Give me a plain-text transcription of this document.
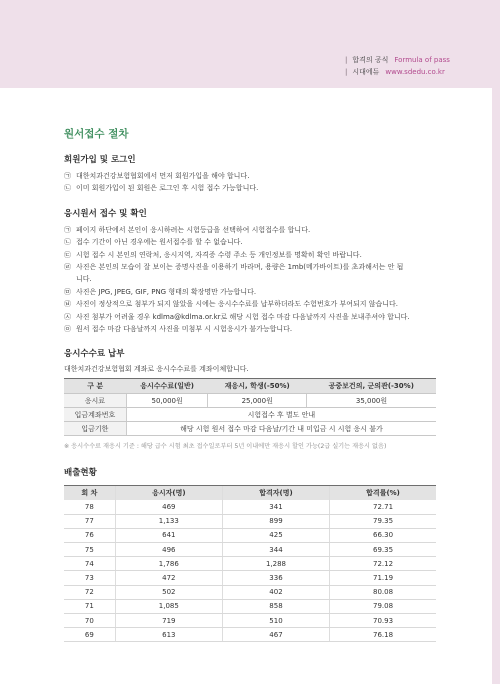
| 합격의 공식 Formula of pass
| 시대에듀 www.sdedu.co.kr
원서접수 절차
회원가입 및 로그인
㉠ 대한치과건강보험협회에서 먼저 회원가입을 해야 합니다.
㉡ 이미 회원가입이 된 회원은 로그인 후 시험 접수 가능합니다.
응시원서 접수 및 확인
㉠ 페이지 하단에서 본인이 응시하려는 시험등급을 선택하여 시험접수를 합니다.
㉡ 접수 기간이 아닌 경우에는 원서접수를 할 수 없습니다.
㉢ 시험 접수 시 본인의 연락처, 응시지역, 자격증 수령 주소 등 개인정보를 명확히 확인 바랍니다.
㉣ 사진은 본인의 모습이 잘 보이는 증명사진을 이용하기 바라며, 용량은 1mb(메가바이트)를 초과해서는 안 됩
니다.
㉤ 사진은 JPG, JPEG, GIF, PNG 형태의 확장명만 가능합니다.
㉥ 사진이 정상적으로 첨부가 되지 않았을 시에는 응시수수료를 납부하더라도 수험번호가 부여되지 않습니다.
㉦ 사진 첨부가 어려울 경우 kdlma@kdlma.or.kr로 해당 시험 접수 마감 다음날까지 사진을 보내주셔야 합니다.
㉧ 원서 접수 마감 다음날까지 사진을 미첨부 시 시험응시가 불가능합니다.
응시수수료 납부
대한치과건강보험협회 계좌로 응시수수료를 계좌이체합니다.
구 분	응시수수료(일반)	재응시, 학생(-50%)	공중보건의, 군의관(-30%)
응시료	50,000원	25,000원	35,000원
입금계좌번호	시험접수 후 별도 안내		
입금기한	해당 시험 원서 접수 마감 다음날/기간 내 미입금 시 시험 응시 불가		
※ 응시수수료 재응시 기준 : 해당 급수 시험 최초 접수일로부터 5년 이내에만 재응시 할인 가능(2급 실기는 재응시 없음)
배출현황
회 차	응시자(명)	합격자(명)	합격률(%)
78	469	341	72.71
77	1,133	899	79.35
76	641	425	66.30
75	496	344	69.35
74	1,786	1,288	72.12
73	472	336	71.19
72	502	402	80.08
71	1,085	858	79.08
70	719	510	70.93
69	613	467	76.18
